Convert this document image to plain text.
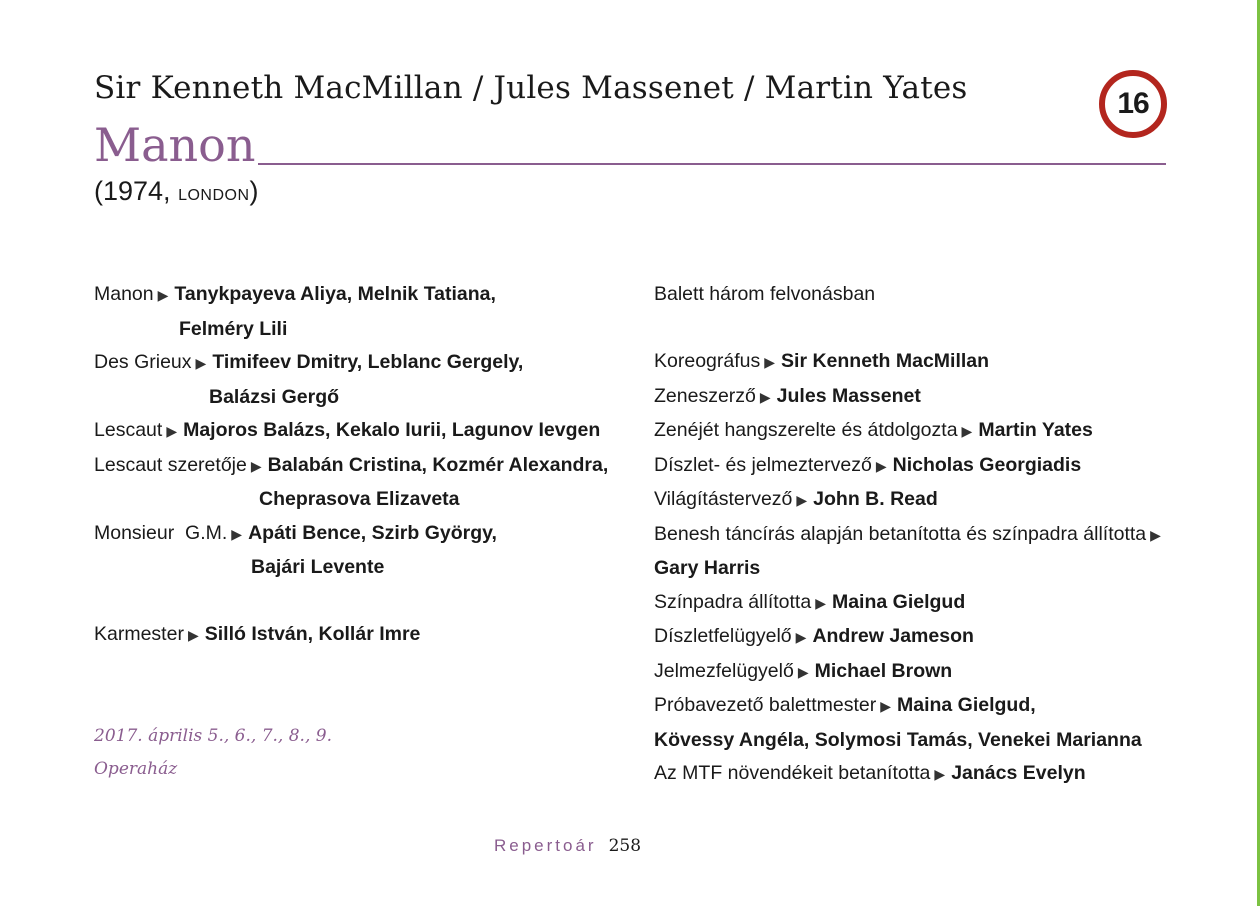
Sir Kenneth MacMillan / Jules Massenet / Martin Yates
Manon
(1974, LONDON)
16
Manon ▶ Tanykpayeva Aliya, Melnik Tatiana,
Felméry Lili
Des Grieux ▶ Timifeev Dmitry, Leblanc Gergely,
Balázsi Gergő
Lescaut ▶ Majoros Balázs, Kekalo Iurii, Lagunov Ievgen
Lescaut szeretője ▶ Balabán Cristina, Kozmér Alexandra,
Cheprasova Elizaveta
Monsieur  G.M. ▶ Apáti Bence, Szirb György,
Bajári Levente
Karmester ▶ Silló István, Kollár Imre
2017. április 5., 6., 7., 8., 9.
Operaház
Balett három felvonásban
Koreográfus ▶ Sir Kenneth MacMillan
Zeneszerző ▶ Jules Massenet
Zenéjét hangszerelte és átdolgozta ▶ Martin Yates
Díszlet- és jelmeztervező ▶ Nicholas Georgiadis
Világítástervező ▶ John B. Read
Benesh táncírás alapján betanította és színpadra állította ▶
Gary Harris
Színpadra állította ▶ Maina Gielgud
Díszletfelügyelő ▶ Andrew Jameson
Jelmezfelügyelő ▶ Michael Brown
Próbavezető balettmester ▶ Maina Gielgud,
Kövessy Angéla, Solymosi Tamás, Venekei Marianna
Az MTF növendékeit betanította ▶ Janács Evelyn
Repertoár 258
